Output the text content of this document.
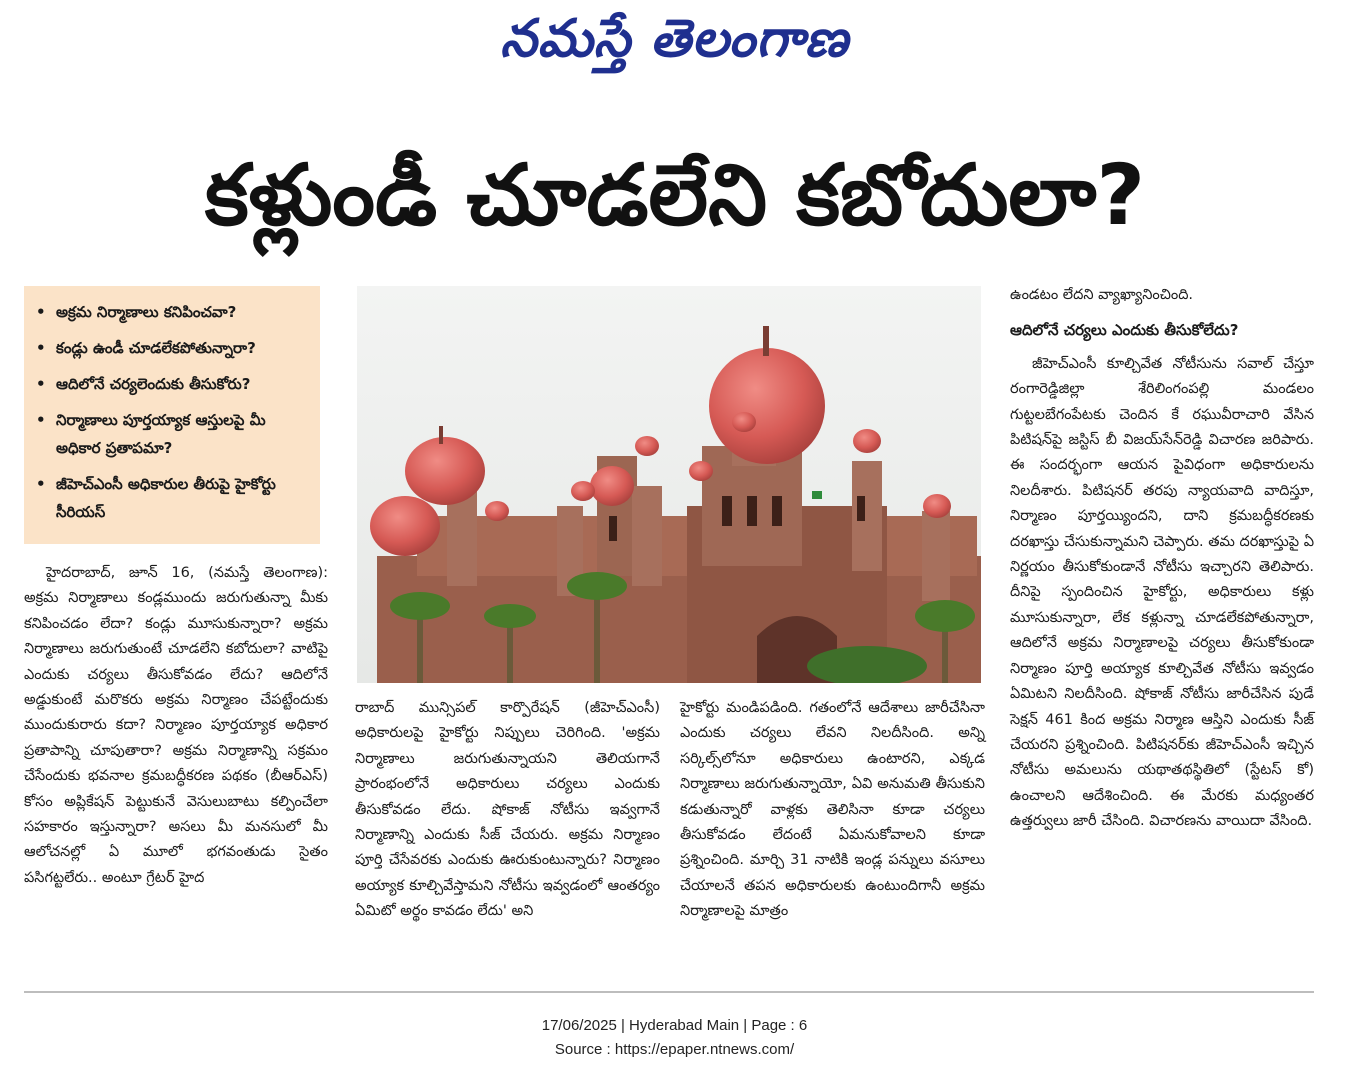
నమస్తే తెలంగాణ
కళ్లుండీ చూడలేని కబోదులా?
• అక్రమ నిర్మాణాలు కనిపించవా?
• కండ్లు ఉండీ చూడలేకపోతున్నారా?
• ఆదిలోనే చర్యలెందుకు తీసుకోరు?
• నిర్మాణాలు పూర్తయ్యాక ఆస్తులపై మీ అధికార ప్రతాపమా?
• జీహెచ్ఎంసీ అధికారుల తీరుపై హైకోర్టు సీరియస్

హైదరాబాద్, జూన్ 16, (నమస్తే తెలంగాణ): అక్రమ నిర్మాణాలు కండ్లముందు జరుగుతున్నా మీకు కనిపించడం లేదా? కండ్లు మూసుకున్నారా? అక్రమ నిర్మాణాలు జరుగుతుంటే చూడలేని కబోదులా? వాటిపై ఎందుకు చర్యలు తీసుకోవడం లేదు? ఆదిలోనే అడ్డుకుంటే మరొకరు అక్రమ నిర్మాణం చేపట్టేందుకు ముందుకురారు కదా? నిర్మాణం పూర్తయ్యాక అధికార ప్రతాపాన్ని చూపుతారా? అక్రమ నిర్మాణాన్ని సక్రమం చేసేందుకు భవనాల క్రమబద్ధీకరణ పథకం (బీఆర్ఎస్) కోసం అప్లికేషన్ పెట్టుకునే వెసులుబాటు కల్పించేలా సహకారం ఇస్తున్నారా? అసలు మీ మనసులో మీ ఆలోచనల్లో ఏ మూలో భగవంతుడు సైతం పసిగట్టలేరు.. అంటూ గ్రేటర్ హైద

రాబాద్ మున్సిపల్ కార్పొరేషన్ (జీహెచ్ఎంసీ) అధికారులపై హైకోర్టు నిప్పులు చెరిగింది. 'అక్రమ నిర్మాణాలు జరుగుతున్నాయని తెలియగానే ప్రారంభంలోనే అధికారులు చర్యలు ఎందుకు తీసుకోవడం లేదు. షోకాజ్ నోటీసు ఇవ్వగానే నిర్మాణాన్ని ఎందుకు సీజ్ చేయరు. అక్రమ నిర్మాణం పూర్తి చేసేవరకు ఎందుకు ఊరుకుంటున్నారు? నిర్మాణం అయ్యాక కూల్చివేస్తామని నోటీసు ఇవ్వడంలో ఆంతర్యం ఏమిటో అర్థం కావడం లేదు' అని

హైకోర్టు మండిపడింది. గతంలోనే ఆదేశాలు జారీచేసినా ఎందుకు చర్యలు లేవని నిలదీసింది. అన్ని సర్కిల్స్‌లోనూ అధికారులు ఉంటారని, ఎక్కడ నిర్మాణాలు జరుగుతున్నాయో, ఏవి అనుమతి తీసుకుని కడుతున్నారో వాళ్లకు తెలిసినా కూడా చర్యలు తీసుకోవడం లేదంటే ఏమనుకోవాలని కూడా ప్రశ్నించింది. మార్చి 31 నాటికి ఇండ్ల పన్నులు వసూలు చేయాలనే తపన అధికారులకు ఉంటుందిగానీ అక్రమ నిర్మాణాలపై మాత్రం

ఉండటం లేదని వ్యాఖ్యానించింది.

ఆదిలోనే చర్యలు ఎందుకు తీసుకోలేదు?

జీహెచ్ఎంసీ కూల్చివేత నోటీసును సవాల్ చేస్తూ రంగారెడ్డిజిల్లా శేరిలింగంపల్లి మండలం గుట్టలబేగంపేటకు చెందిన కే రఘువీరాచారి వేసిన పిటిషన్‌పై జస్టిస్ బీ విజయ్‌సేన్‌రెడ్డి విచారణ జరిపారు. ఈ సందర్భంగా ఆయన పైవిధంగా అధికారులను నిలదీశారు. పిటిషనర్ తరపు న్యాయవాది వాదిస్తూ, నిర్మాణం పూర్తయ్యిందని, దాని క్రమబద్ధీకరణకు దరఖాస్తు చేసుకున్నామని చెప్పారు. తమ దరఖాస్తుపై ఏ నిర్ణయం తీసుకోకుండానే నోటీసు ఇచ్చారని తెలిపారు. దీనిపై స్పందించిన హైకోర్టు, అధికారులు కళ్లు మూసుకున్నారా, లేక కళ్లున్నా చూడలేకపోతున్నారా, ఆదిలోనే అక్రమ నిర్మాణాలపై చర్యలు తీసుకోకుండా నిర్మాణం పూర్తి అయ్యాక కూల్చివేత నోటీసు ఇవ్వడం ఏమిటని నిలదీసింది. షోకాజ్ నోటీసు జారీచేసిన పుడే సెక్షన్ 461 కింద అక్రమ నిర్మాణ ఆస్తిని ఎందుకు సీజ్ చేయరని ప్రశ్నించింది. పిటిషనర్‌కు జీహెచ్ఎంసీ ఇచ్చిన నోటీసు అమలును యథాతథస్థితిలో (స్టేటస్ కో) ఉంచాలని ఆదేశించింది. ఈ మేరకు మధ్యంతర ఉత్తర్వులు జారీ చేసింది. విచారణను వాయిదా వేసింది.

17/06/2025 | Hyderabad Main | Page : 6
Source : https://epaper.ntnews.com/
